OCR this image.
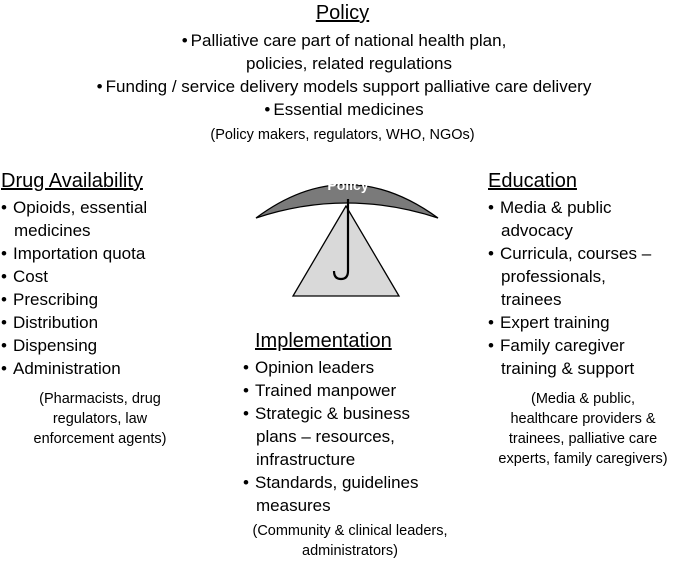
Policy
• Palliative care part of national health plan,
policies, related regulations
• Funding / service delivery models support palliative care delivery
• Essential medicines
(Policy makers, regulators, WHO, NGOs)
Drug Availability
• Opioids, essential
medicines
• Importation quota
• Cost
• Prescribing
• Distribution
• Dispensing
• Administration
(Pharmacists, drug
regulators, law
enforcement agents)
Education
• Media & public
advocacy
• Curricula, courses –
professionals,
trainees
• Expert training
• Family caregiver
training & support
(Media & public,
healthcare providers &
trainees, palliative care
experts, family caregivers)
Implementation
• Opinion leaders
• Trained manpower
• Strategic & business
plans – resources,
infrastructure
• Standards, guidelines
measures
(Community & clinical leaders,
administrators)
Policy
